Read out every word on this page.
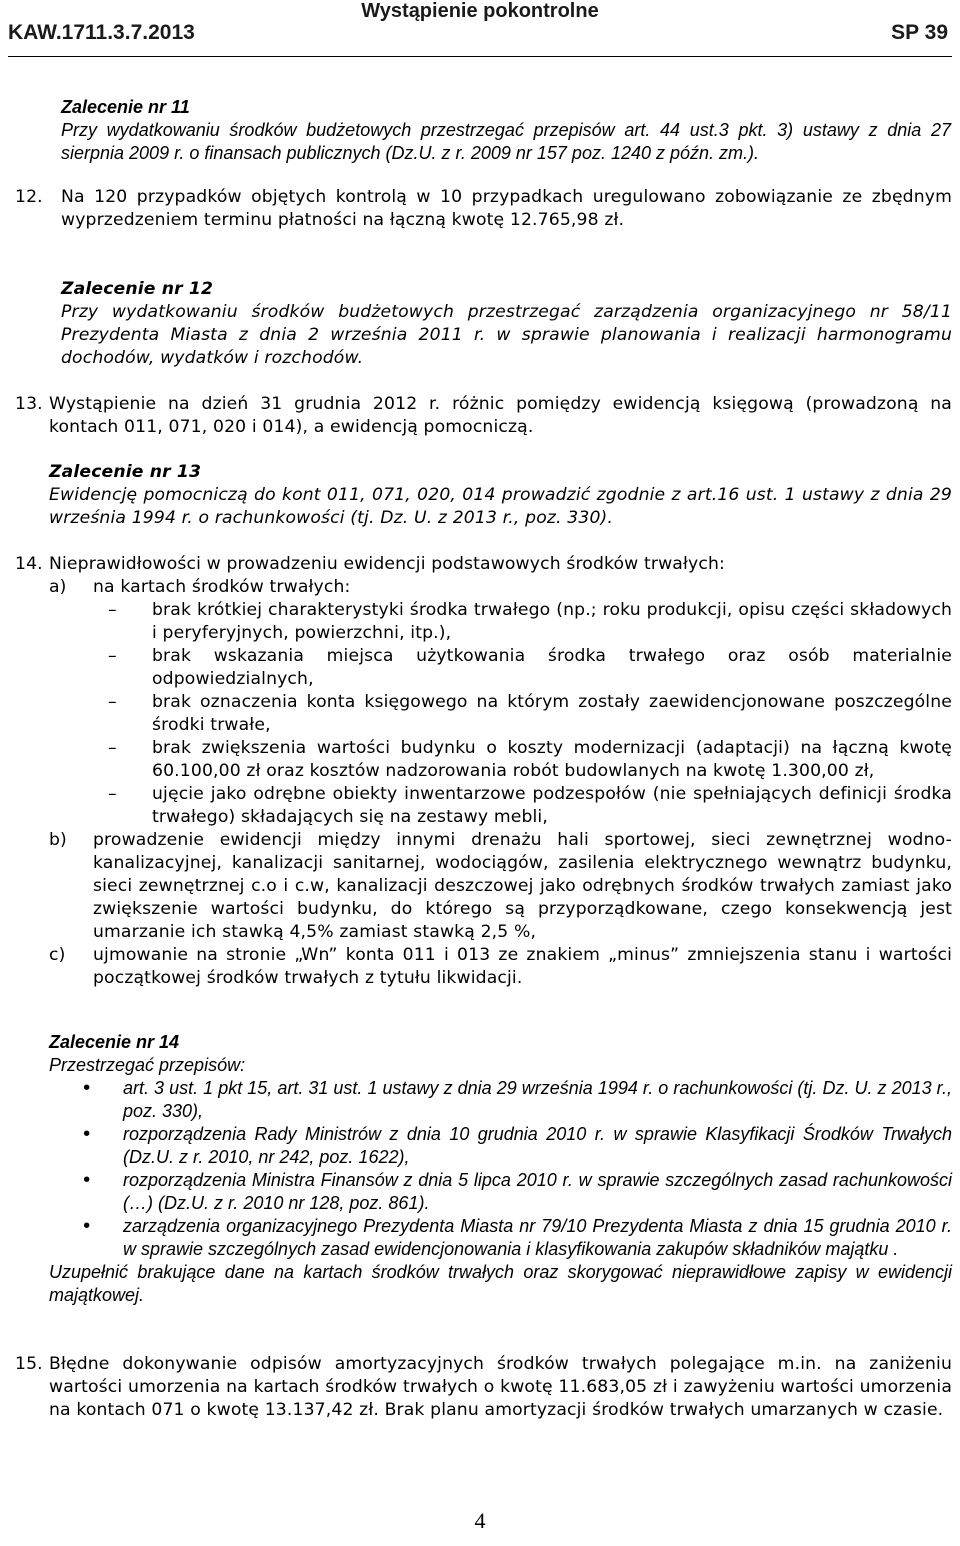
Wystąpienie pokontrolne
KAW.1711.3.7.2013	SP 39
Zalecenie nr 11
Przy wydatkowaniu środków budżetowych przestrzegać przepisów art. 44 ust.3 pkt. 3) ustawy z dnia 27 sierpnia 2009 r. o finansach publicznych (Dz.U. z r. 2009 nr 157 poz. 1240 z późn. zm.).
12. Na 120 przypadków objętych kontrolą w 10 przypadkach uregulowano zobowiązanie ze zbędnym wyprzedzeniem terminu płatności na łączną kwotę 12.765,98 zł.
Zalecenie nr 12
Przy wydatkowaniu środków budżetowych przestrzegać zarządzenia organizacyjnego nr 58/11 Prezydenta Miasta z dnia 2 września 2011 r. w sprawie planowania i realizacji harmonogramu dochodów, wydatków i rozchodów.
13. Wystąpienie na dzień 31 grudnia 2012 r. różnic pomiędzy ewidencją księgową (prowadzoną na kontach 011, 071, 020 i 014), a ewidencją pomocniczą.
Zalecenie nr 13
Ewidencję pomocniczą do kont 011, 071, 020, 014 prowadzić zgodnie z art.16 ust. 1 ustawy z dnia 29 września 1994 r. o rachunkowości (tj. Dz. U. z 2013 r., poz. 330).
14. Nieprawidłowości w prowadzeniu ewidencji podstawowych środków trwałych:
a) na kartach środków trwałych:
– brak krótkiej charakterystyki środka trwałego (np.; roku produkcji, opisu części składowych i peryferyjnych, powierzchni, itp.),
– brak wskazania miejsca użytkowania środka trwałego oraz osób materialnie odpowiedzialnych,
– brak oznaczenia konta księgowego na którym zostały zaewidencjonowane poszczególne środki trwałe,
– brak zwiększenia wartości budynku o koszty modernizacji (adaptacji) na łączną kwotę 60.100,00 zł oraz kosztów nadzorowania robót budowlanych na kwotę 1.300,00 zł,
– ujęcie jako odrębne obiekty inwentarzowe podzespołów (nie spełniających definicji środka trwałego) składających się na zestawy mebli,
b) prowadzenie ewidencji między innymi drenażu hali sportowej, sieci zewnętrznej wodno-kanalizacyjnej, kanalizacji sanitarnej, wodociągów, zasilenia elektrycznego wewnątrz budynku, sieci zewnętrznej c.o i c.w, kanalizacji deszczowej jako odrębnych środków trwałych zamiast jako zwiększenie wartości budynku, do którego są przyporządkowane, czego konsekwencją jest umarzanie ich stawką 4,5% zamiast stawką 2,5 %,
c) ujmowanie na stronie „Wn” konta 011 i 013 ze znakiem „minus” zmniejszenia stanu i wartości początkowej środków trwałych z tytułu likwidacji.
Zalecenie nr 14
Przestrzegać przepisów:
• art. 3 ust. 1 pkt 15, art. 31 ust. 1 ustawy z dnia 29 września 1994 r. o rachunkowości (tj. Dz. U. z 2013 r., poz. 330),
• rozporządzenia Rady Ministrów z dnia 10 grudnia 2010 r. w sprawie Klasyfikacji Środków Trwałych (Dz.U. z r. 2010, nr 242, poz. 1622),
• rozporządzenia Ministra Finansów z dnia 5 lipca 2010 r. w sprawie szczególnych zasad rachunkowości (…) (Dz.U. z r. 2010 nr 128, poz. 861).
• zarządzenia organizacyjnego Prezydenta Miasta nr 79/10 Prezydenta Miasta z dnia 15 grudnia 2010 r. w sprawie szczególnych zasad ewidencjonowania i klasyfikowania zakupów składników majątku .
Uzupełnić brakujące dane na kartach środków trwałych oraz skorygować nieprawidłowe zapisy w ewidencji majątkowej.
15. Błędne dokonywanie odpisów amortyzacyjnych środków trwałych polegające m.in. na zaniżeniu wartości umorzenia na kartach środków trwałych o kwotę 11.683,05 zł i zawyżeniu wartości umorzenia na kontach 071 o kwotę 13.137,42 zł. Brak planu amortyzacji środków trwałych umarzanych w czasie.
4
